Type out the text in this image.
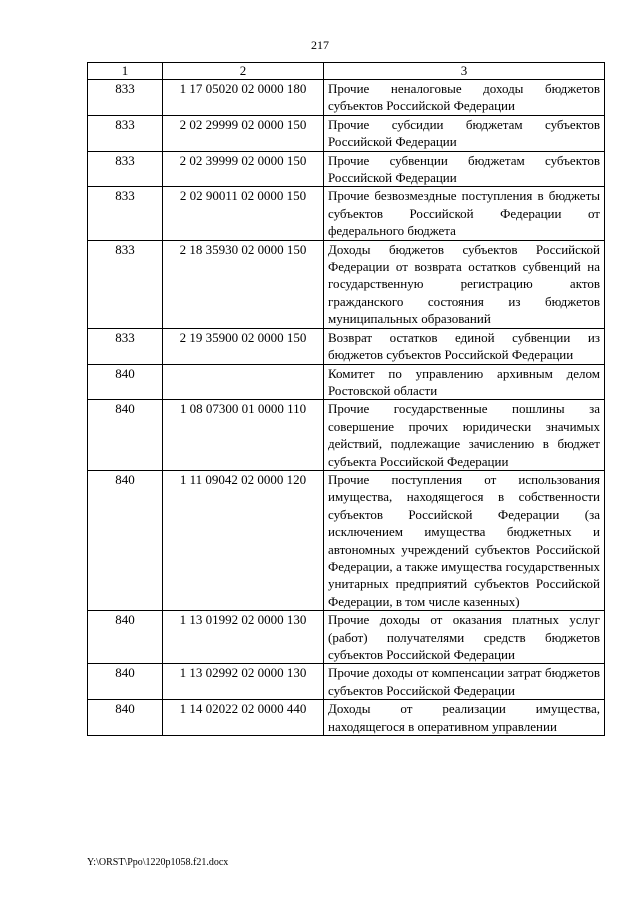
217
1	2	3
833	1 17 05020 02 0000 180	Прочие неналоговые доходы бюджетов субъектов Российской Федерации
833	2 02 29999 02 0000 150	Прочие субсидии бюджетам субъектов Российской Федерации
833	2 02 39999 02 0000 150	Прочие субвенции бюджетам субъектов Российской Федерации
833	2 02 90011 02 0000 150	Прочие безвозмездные поступления в бюджеты субъектов Российской Федерации от федерального бюджета
833	2 18 35930 02 0000 150	Доходы бюджетов субъектов Российской Федерации от возврата остатков субвенций на государственную регистрацию актов гражданского состояния из бюджетов муниципальных образований
833	2 19 35900 02 0000 150	Возврат остатков единой субвенции из бюджетов субъектов Российской Федерации
840		Комитет по управлению архивным делом Ростовской области
840	1 08 07300 01 0000 110	Прочие государственные пошлины за совершение прочих юридически значимых действий, подлежащие зачислению в бюджет субъекта Российской Федерации
840	1 11 09042 02 0000 120	Прочие поступления от использования имущества, находящегося в собственности субъектов Российской Федерации (за исключением имущества бюджетных и автономных учреждений субъектов Российской Федерации, а также имущества государственных унитарных предприятий субъектов Российской Федерации, в том числе казенных)
840	1 13 01992 02 0000 130	Прочие доходы от оказания платных услуг (работ) получателями средств бюджетов субъектов Российской Федерации
840	1 13 02992 02 0000 130	Прочие доходы от компенсации затрат бюджетов субъектов Российской Федерации
840	1 14 02022 02 0000 440	Доходы от реализации имущества, находящегося в оперативном управлении
Y:\ORST\Ppo\1220p1058.f21.docx
